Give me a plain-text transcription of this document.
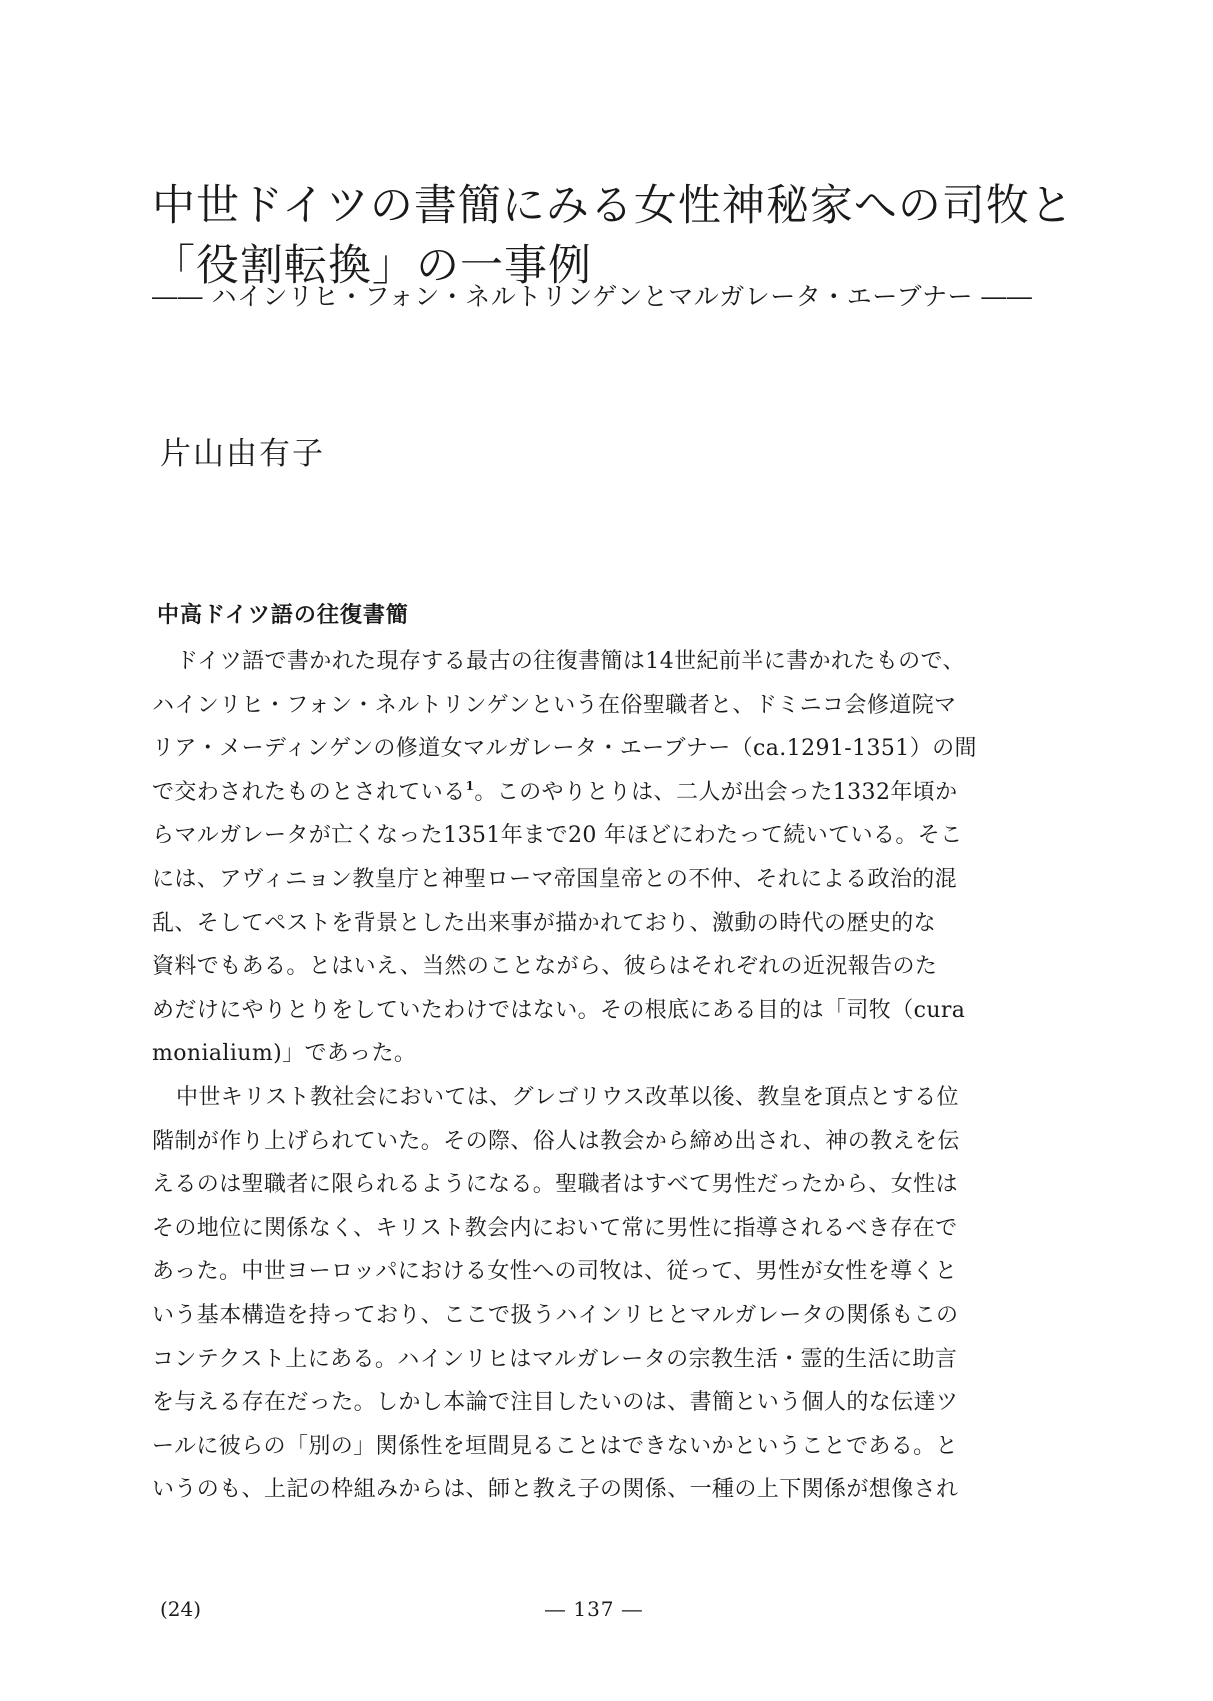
中世ドイツの書簡にみる女性神秘家への司牧と
「役割転換」の一事例
―― ハインリヒ・フォン・ネルトリンゲンとマルガレータ・エーブナー ――
片山由有子
中高ドイツ語の往復書簡
ドイツ語で書かれた現存する最古の往復書簡は14世紀前半に書かれたもので、
ハインリヒ・フォン・ネルトリンゲンという在俗聖職者と、ドミニコ会修道院マ
リア・メーディンゲンの修道女マルガレータ・エーブナー（ca.1291-1351）の間
で交わされたものとされている$^1$。このやりとりは、二人が出会った1332年頃か
らマルガレータが亡くなった1351年まで20 年ほどにわたって続いている。そこ
には、アヴィニョン教皇庁と神聖ローマ帝国皇帝との不仲、それによる政治的混
乱、そしてペストを背景とした出来事が描かれており、激動の時代の歴史的な
資料でもある。とはいえ、当然のことながら、彼らはそれぞれの近況報告のた
めだけにやりとりをしていたわけではない。その根底にある目的は「司牧（cura
monialium)」であった。
中世キリスト教社会においては、グレゴリウス改革以後、教皇を頂点とする位
階制が作り上げられていた。その際、俗人は教会から締め出され、神の教えを伝
えるのは聖職者に限られるようになる。聖職者はすべて男性だったから、女性は
その地位に関係なく、キリスト教会内において常に男性に指導されるべき存在で
あった。中世ヨーロッパにおける女性への司牧は、従って、男性が女性を導くと
いう基本構造を持っており、ここで扱うハインリヒとマルガレータの関係もこの
コンテクスト上にある。ハインリヒはマルガレータの宗教生活・霊的生活に助言
を与える存在だった。しかし本論で注目したいのは、書簡という個人的な伝達ツ
ールに彼らの「別の」関係性を垣間見ることはできないかということである。と
いうのも、上記の枠組みからは、師と教え子の関係、一種の上下関係が想像され
(24)	― 137 ―
